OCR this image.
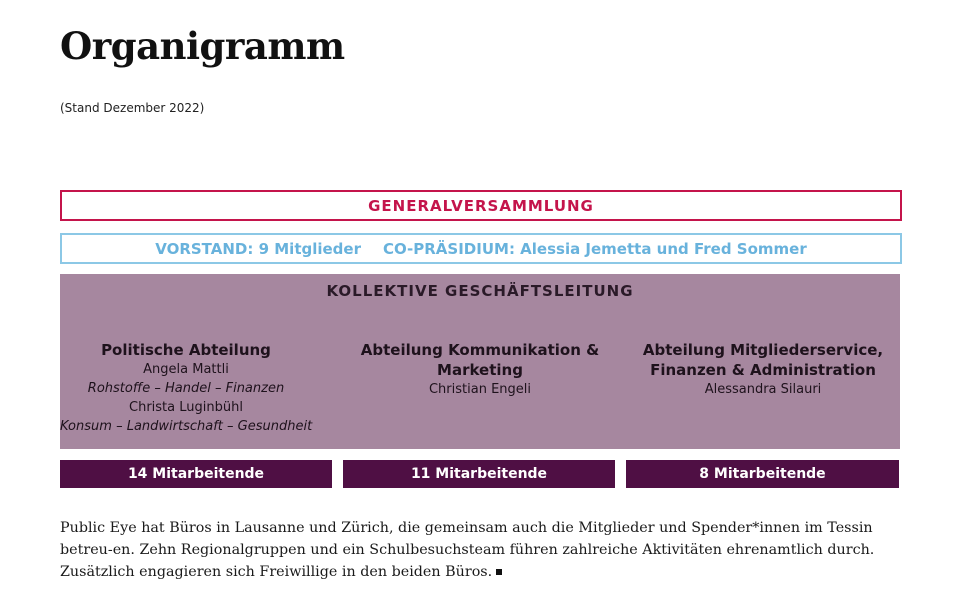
Organigramm
(Stand Dezember 2022)
GENERALVERSAMMLUNG
VORSTAND: 9 Mitglieder CO-PRÄSIDIUM: Alessia Jemetta und Fred Sommer
KOLLEKTIVE GESCHÄFTSLEITUNG
Politische Abteilung
Angela Mattli
Rohstoffe – Handel – Finanzen
Christa Luginbühl
Konsum – Landwirtschaft – Gesundheit
Abteilung Kommunikation &
Marketing
Christian Engeli
Abteilung Mitgliederservice,
Finanzen & Administration
Alessandra Silauri
14 Mitarbeitende	11 Mitarbeitende	8 Mitarbeitende
Public Eye hat Büros in Lausanne und Zürich, die gemeinsam auch die Mitglieder und Spender*innen im Tessin betreu-en. Zehn Regionalgruppen und ein Schulbesuchsteam führen zahlreiche Aktivitäten ehrenamtlich durch. Zusätzlich engagieren sich Freiwillige in den beiden Büros.
